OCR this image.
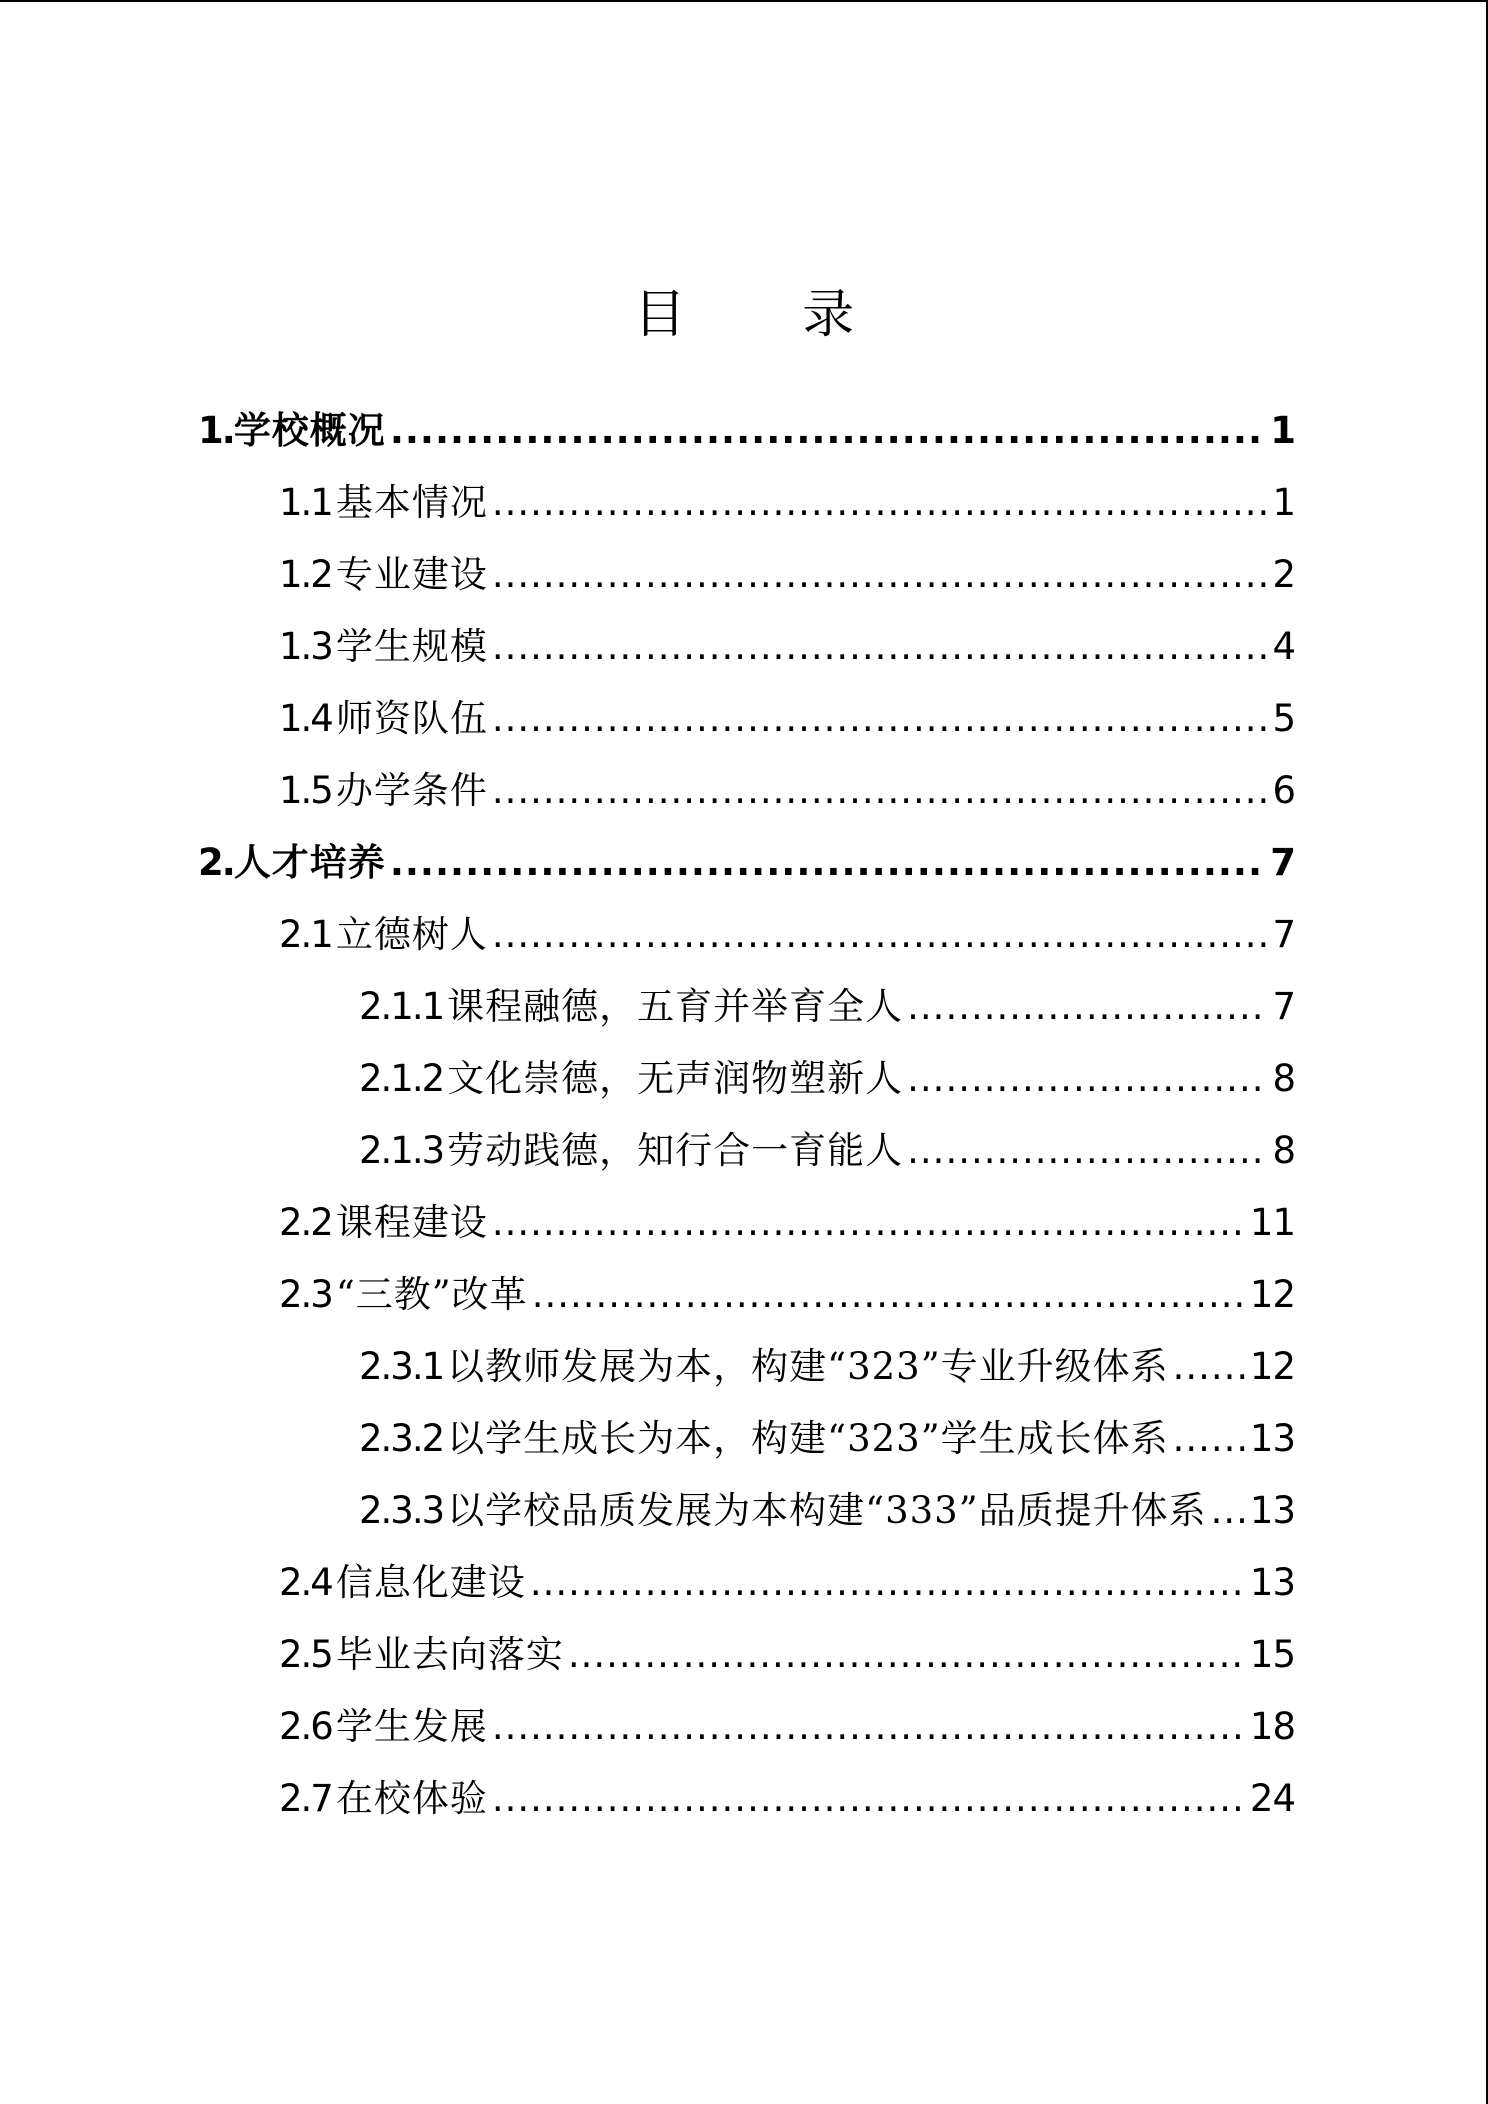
目 录
1. 学校概况 .....	1
1.1 基本情况 .....	1
1.2 专业建设 .....	2
1.3 学生规模 .....	4
1.4 师资队伍 .....	5
1.5 办学条件 .....	6
2. 人才培养 .....	7
2.1 立德树人 .....	7
2.1.1 课程融德，五育并举育全人 .....	7
2.1.2 文化崇德，无声润物塑新人 .....	8
2.1.3 劳动践德，知行合一育能人 .....	8
2.2 课程建设 .....	11
2.3 “三教”改革 .....	12
2.3.1 以教师发展为本，构建“323”专业升级体系 ..... 12
2.3.2 以学生成长为本，构建“323”学生成长体系 ..... 13
2.3.3 以学校品质发展为本构建“333”品质提升体系 ..... 13
2.4 信息化建设 .....	13
2.5 毕业去向落实 .....	15
2.6 学生发展 .....	18
2.7 在校体验 .....	24
